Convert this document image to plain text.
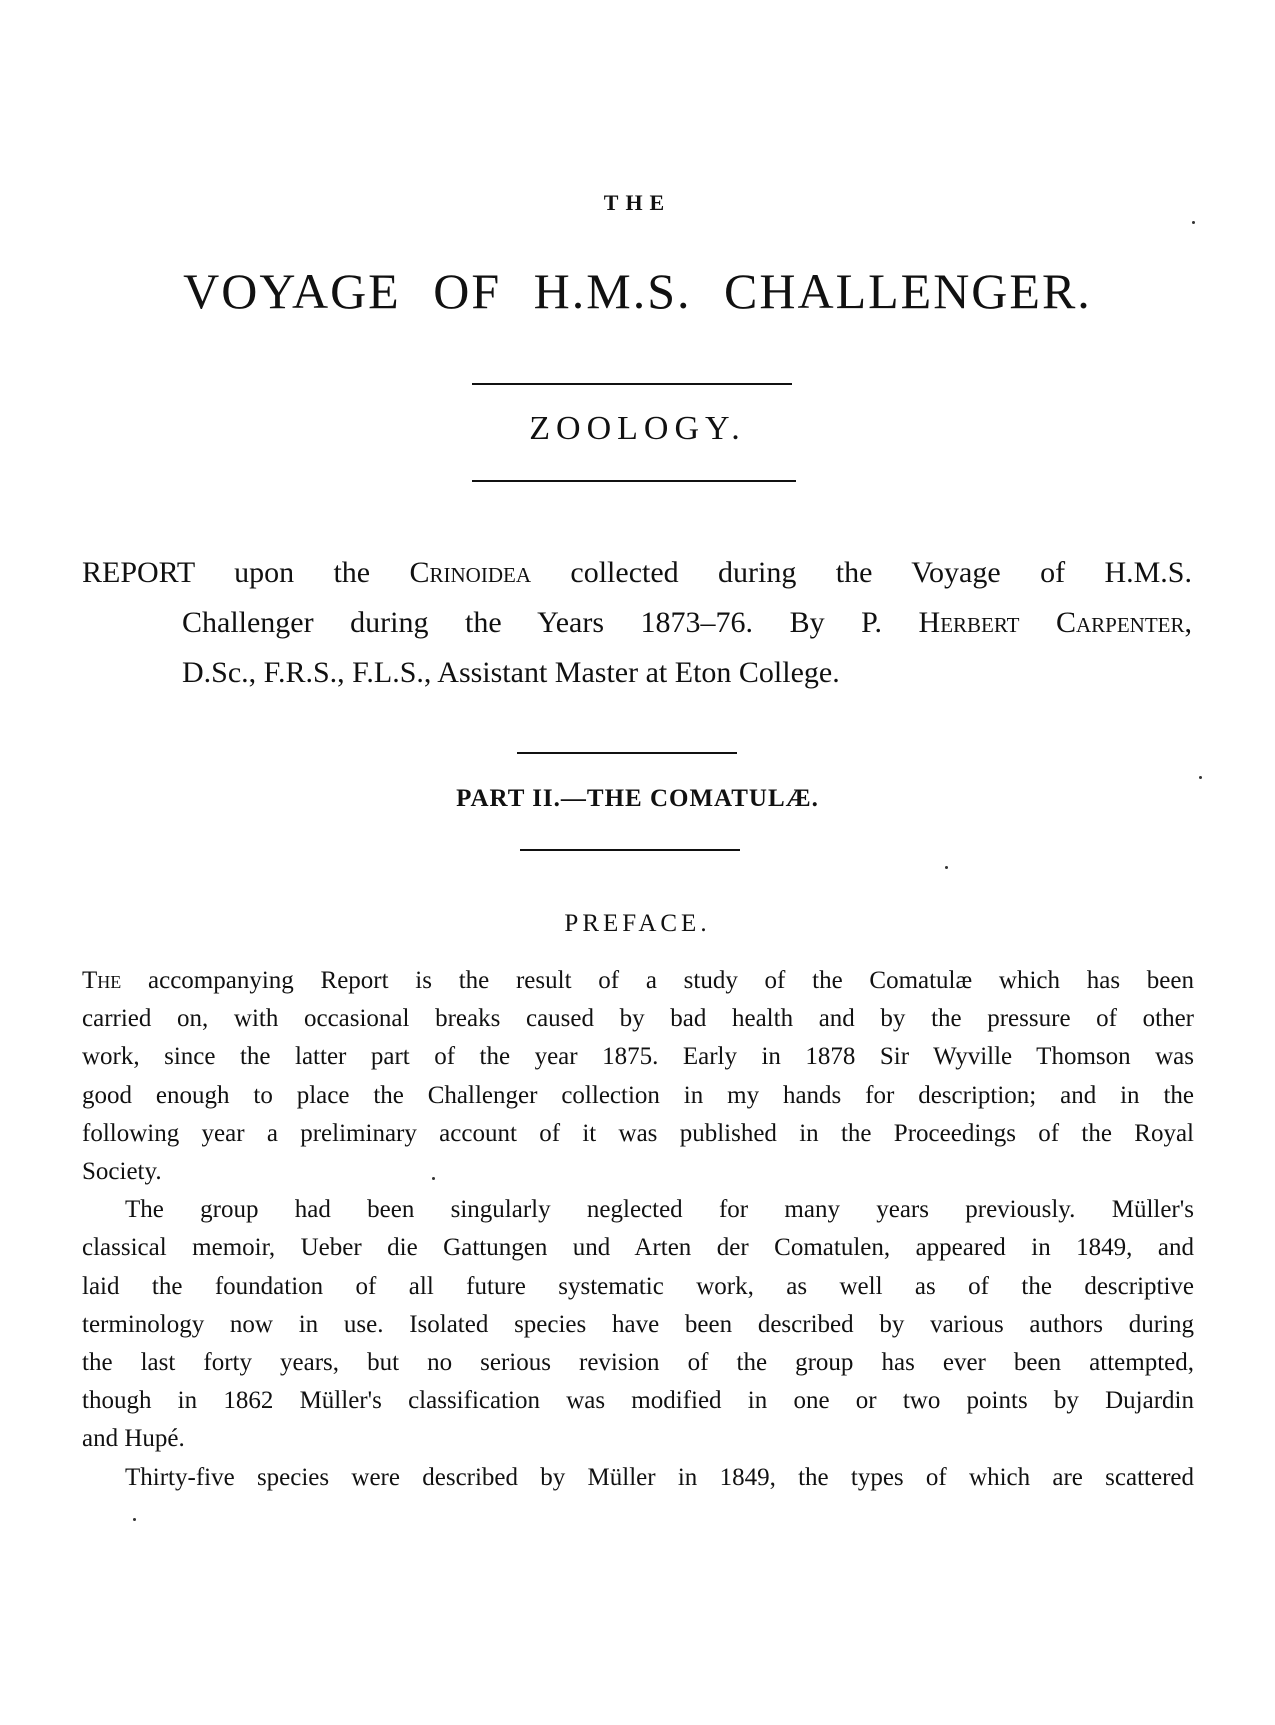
THE
VOYAGE OF H.M.S. CHALLENGER.
ZOOLOGY.
REPORT upon the Crinoidea collected during the Voyage of H.M.S.
Challenger during the Years 1873–76. By P. Herbert Carpenter,
D.Sc., F.R.S., F.L.S., Assistant Master at Eton College.
PART II.—THE COMATULÆ.
PREFACE.

The accompanying Report is the result of a study of the Comatulæ which has been
carried on, with occasional breaks caused by bad health and by the pressure of other
work, since the latter part of the year 1875. Early in 1878 Sir Wyville Thomson was
good enough to place the Challenger collection in my hands for description; and in the
following year a preliminary account of it was published in the Proceedings of the Royal
Society.

The group had been singularly neglected for many years previously. Müller's
classical memoir, Ueber die Gattungen und Arten der Comatulen, appeared in 1849, and
laid the foundation of all future systematic work, as well as of the descriptive
terminology now in use. Isolated species have been described by various authors during
the last forty years, but no serious revision of the group has ever been attempted,
though in 1862 Müller's classification was modified in one or two points by Dujardin
and Hupé.

Thirty-five species were described by Müller in 1849, the types of which are scattered
